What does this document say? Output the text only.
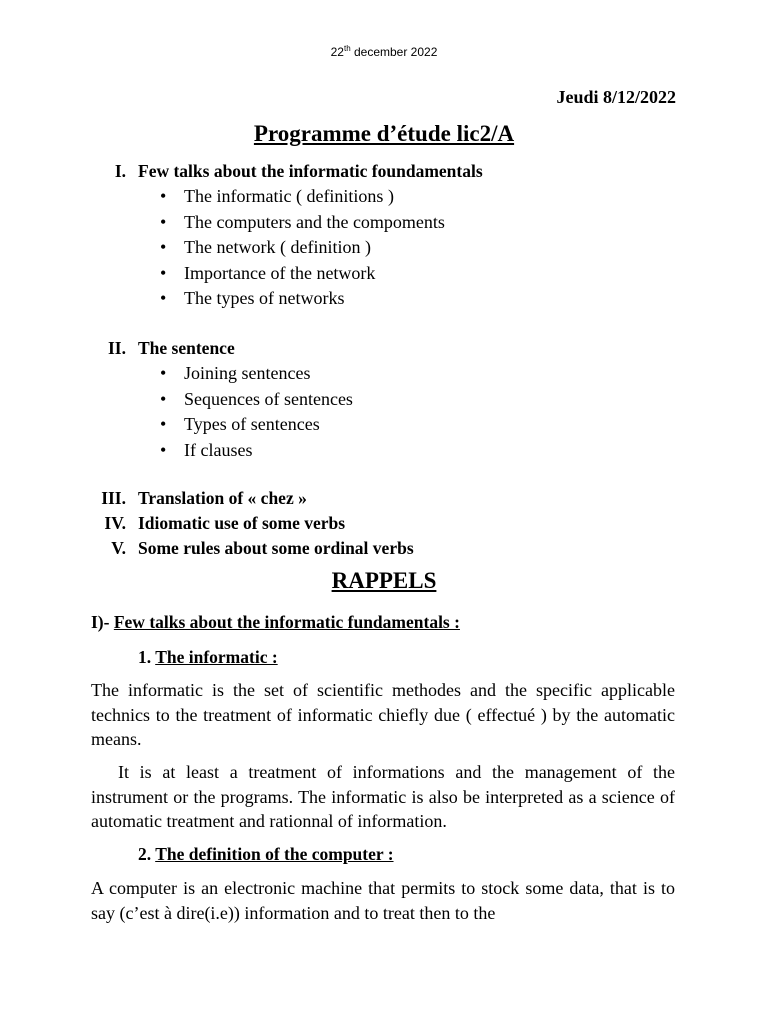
22th december 2022
Jeudi 8/12/2022
Programme d’étude lic2/A
I. Few talks about the informatic foundamentals
• The informatic ( definitions )
• The computers and the compoments
• The network ( definition )
• Importance of the network
• The types of networks
II. The sentence
• Joining sentences
• Sequences of sentences
• Types of sentences
• If clauses
III. Translation of « chez »
IV. Idiomatic use of some verbs
V. Some rules about some ordinal verbs
RAPPELS
I)- Few talks about the informatic fundamentals :
1. The informatic :

The informatic is the set of scientific methodes and the specific applicable technics to the treatment of informatic chiefly due ( effectué ) by the automatic means.

It is at least a treatment of informations and the management of the instrument or the programs. The informatic is also be interpreted as a science of automatic treatment and rationnal of information.

2. The definition of the computer :

A computer is an electronic machine that permits to stock some data, that is to say (c’est à dire(i.e)) information and to treat then to the
